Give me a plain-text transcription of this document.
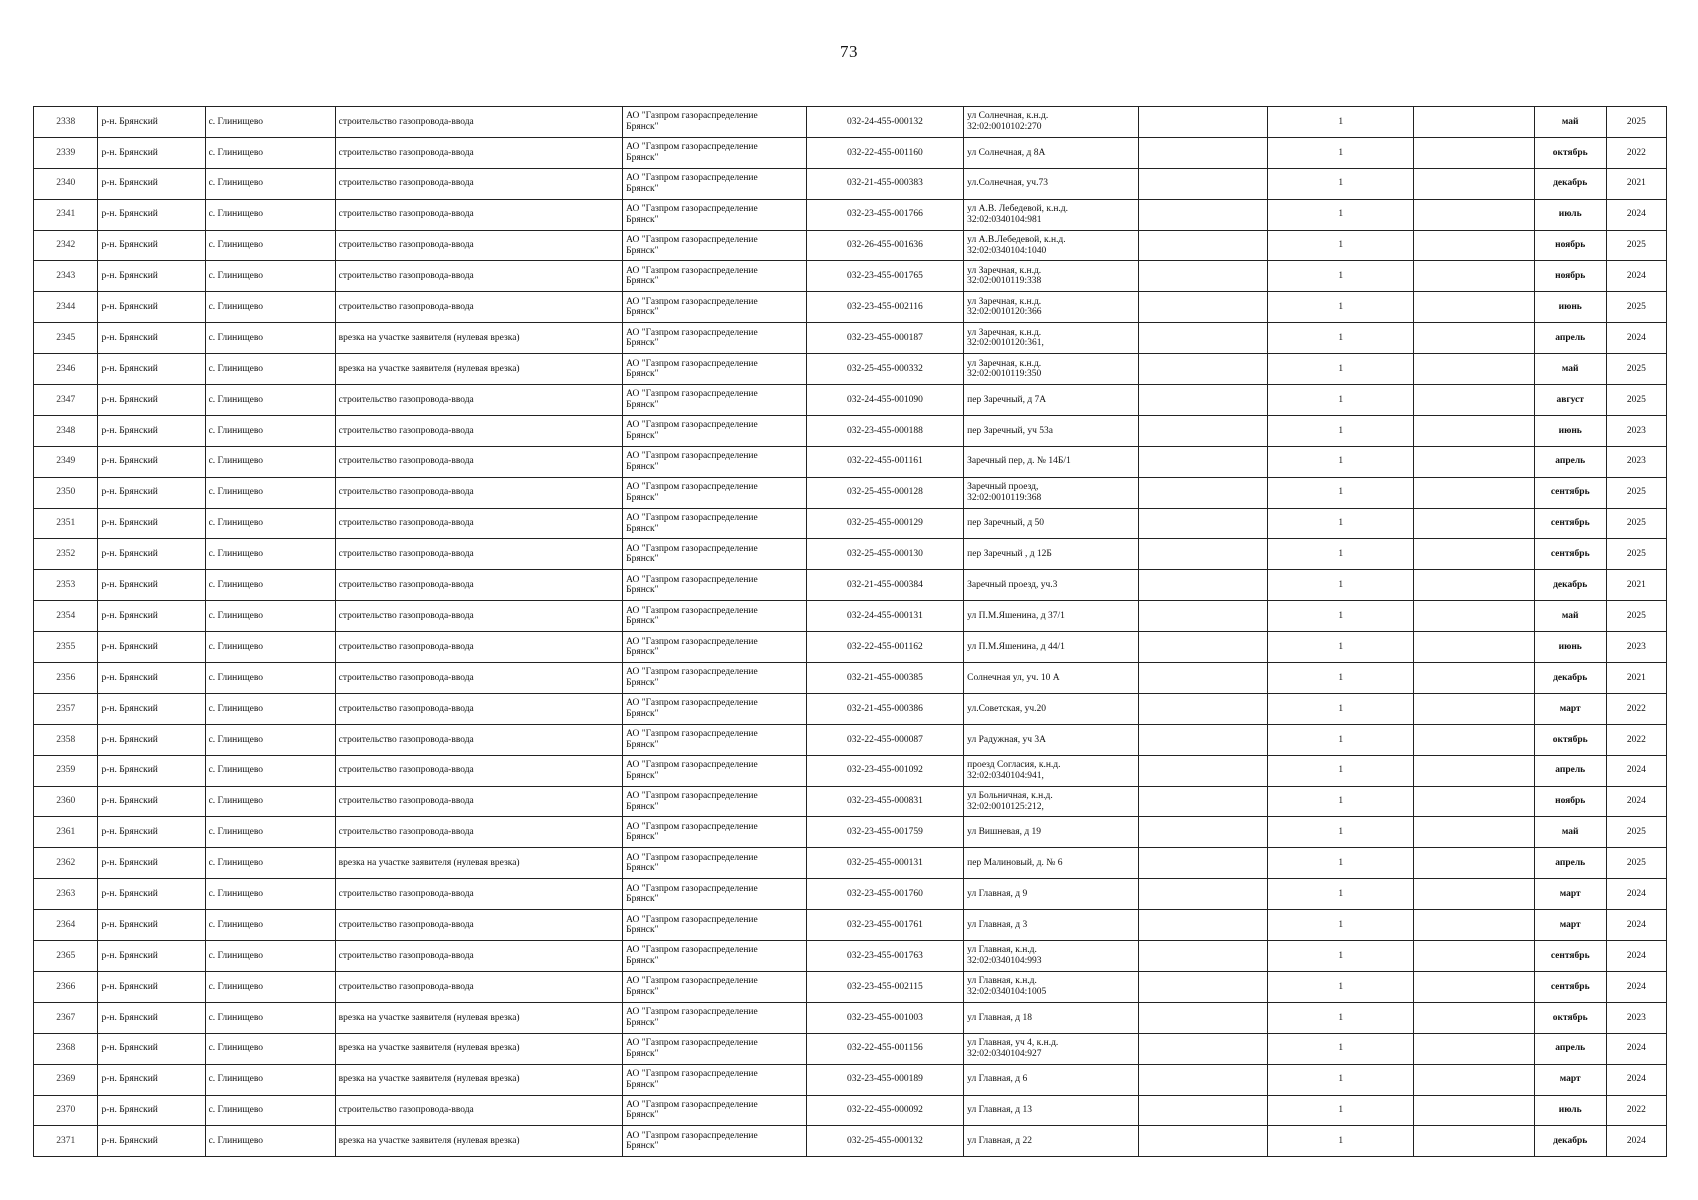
73
2338	р-н. Брянский	с. Глинищево	строительство газопровода-ввода	АО "Газпром газораспределение
Брянск"	032-24-455-000132	ул Солнечная, к.н.д.
32:02:0010102:270		1		май	2025
2339	р-н. Брянский	с. Глинищево	строительство газопровода-ввода	АО "Газпром газораспределение
Брянск"	032-22-455-001160	ул Солнечная, д 8А		1		октябрь	2022
2340	р-н. Брянский	с. Глинищево	строительство газопровода-ввода	АО "Газпром газораспределение
Брянск"	032-21-455-000383	ул.Солнечная, уч.73		1		декабрь	2021
2341	р-н. Брянский	с. Глинищево	строительство газопровода-ввода	АО "Газпром газораспределение
Брянск"	032-23-455-001766	ул А.В. Лебедевой, к.н.д.
32:02:0340104:981		1		июль	2024
2342	р-н. Брянский	с. Глинищево	строительство газопровода-ввода	АО "Газпром газораспределение
Брянск"	032-26-455-001636	ул А.В.Лебедевой, к.н.д.
32:02:0340104:1040		1		ноябрь	2025
2343	р-н. Брянский	с. Глинищево	строительство газопровода-ввода	АО "Газпром газораспределение
Брянск"	032-23-455-001765	ул Заречная, к.н.д.
32:02:0010119:338		1		ноябрь	2024
2344	р-н. Брянский	с. Глинищево	строительство газопровода-ввода	АО "Газпром газораспределение
Брянск"	032-23-455-002116	ул Заречная, к.н.д.
32:02:0010120:366		1		июнь	2025
2345	р-н. Брянский	с. Глинищево	врезка на участке заявителя (нулевая врезка)	АО "Газпром газораспределение
Брянск"	032-23-455-000187	ул Заречная, к.н.д.
32:02:0010120:361,		1		апрель	2024
2346	р-н. Брянский	с. Глинищево	врезка на участке заявителя (нулевая врезка)	АО "Газпром газораспределение
Брянск"	032-25-455-000332	ул Заречная, к.н.д.
32:02:0010119:350		1		май	2025
2347	р-н. Брянский	с. Глинищево	строительство газопровода-ввода	АО "Газпром газораспределение
Брянск"	032-24-455-001090	пер Заречный, д 7А		1		август	2025
2348	р-н. Брянский	с. Глинищево	строительство газопровода-ввода	АО "Газпром газораспределение
Брянск"	032-23-455-000188	пер Заречный, уч 53а		1		июнь	2023
2349	р-н. Брянский	с. Глинищево	строительство газопровода-ввода	АО "Газпром газораспределение
Брянск"	032-22-455-001161	Заречный пер, д. № 14Б/1		1		апрель	2023
2350	р-н. Брянский	с. Глинищево	строительство газопровода-ввода	АО "Газпром газораспределение
Брянск"	032-25-455-000128	Заречный проезд,
32:02:0010119:368		1		сентябрь	2025
2351	р-н. Брянский	с. Глинищево	строительство газопровода-ввода	АО "Газпром газораспределение
Брянск"	032-25-455-000129	пер Заречный, д 50		1		сентябрь	2025
2352	р-н. Брянский	с. Глинищево	строительство газопровода-ввода	АО "Газпром газораспределение
Брянск"	032-25-455-000130	пер Заречный , д 12Б		1		сентябрь	2025
2353	р-н. Брянский	с. Глинищево	строительство газопровода-ввода	АО "Газпром газораспределение
Брянск"	032-21-455-000384	Заречный проезд, уч.3		1		декабрь	2021
2354	р-н. Брянский	с. Глинищево	строительство газопровода-ввода	АО "Газпром газораспределение
Брянск"	032-24-455-000131	ул П.М.Яшенина, д 37/1		1		май	2025
2355	р-н. Брянский	с. Глинищево	строительство газопровода-ввода	АО "Газпром газораспределение
Брянск"	032-22-455-001162	ул П.М.Яшенина, д 44/1		1		июнь	2023
2356	р-н. Брянский	с. Глинищево	строительство газопровода-ввода	АО "Газпром газораспределение
Брянск"	032-21-455-000385	Солнечная ул, уч. 10 А		1		декабрь	2021
2357	р-н. Брянский	с. Глинищево	строительство газопровода-ввода	АО "Газпром газораспределение
Брянск"	032-21-455-000386	ул.Советская, уч.20		1		март	2022
2358	р-н. Брянский	с. Глинищево	строительство газопровода-ввода	АО "Газпром газораспределение
Брянск"	032-22-455-000087	ул Радужная, уч 3А		1		октябрь	2022
2359	р-н. Брянский	с. Глинищево	строительство газопровода-ввода	АО "Газпром газораспределение
Брянск"	032-23-455-001092	проезд Согласия, к.н.д.
32:02:0340104:941,		1		апрель	2024
2360	р-н. Брянский	с. Глинищево	строительство газопровода-ввода	АО "Газпром газораспределение
Брянск"	032-23-455-000831	ул Больничная, к.н.д.
32:02:0010125:212,		1		ноябрь	2024
2361	р-н. Брянский	с. Глинищево	строительство газопровода-ввода	АО "Газпром газораспределение
Брянск"	032-23-455-001759	ул Вишневая, д 19		1		май	2025
2362	р-н. Брянский	с. Глинищево	врезка на участке заявителя (нулевая врезка)	АО "Газпром газораспределение
Брянск"	032-25-455-000131	пер Малиновый, д. № 6		1		апрель	2025
2363	р-н. Брянский	с. Глинищево	строительство газопровода-ввода	АО "Газпром газораспределение
Брянск"	032-23-455-001760	ул Главная, д 9		1		март	2024
2364	р-н. Брянский	с. Глинищево	строительство газопровода-ввода	АО "Газпром газораспределение
Брянск"	032-23-455-001761	ул Главная, д 3		1		март	2024
2365	р-н. Брянский	с. Глинищево	строительство газопровода-ввода	АО "Газпром газораспределение
Брянск"	032-23-455-001763	ул Главная, к.н.д.
32:02:0340104:993		1		сентябрь	2024
2366	р-н. Брянский	с. Глинищево	строительство газопровода-ввода	АО "Газпром газораспределение
Брянск"	032-23-455-002115	ул Главная, к.н.д.
32:02:0340104:1005		1		сентябрь	2024
2367	р-н. Брянский	с. Глинищево	врезка на участке заявителя (нулевая врезка)	АО "Газпром газораспределение
Брянск"	032-23-455-001003	ул Главная, д 18		1		октябрь	2023
2368	р-н. Брянский	с. Глинищево	врезка на участке заявителя (нулевая врезка)	АО "Газпром газораспределение
Брянск"	032-22-455-001156	ул Главная, уч 4, к.н.д.
32:02:0340104:927		1		апрель	2024
2369	р-н. Брянский	с. Глинищево	врезка на участке заявителя (нулевая врезка)	АО "Газпром газораспределение
Брянск"	032-23-455-000189	ул Главная, д 6		1		март	2024
2370	р-н. Брянский	с. Глинищево	строительство газопровода-ввода	АО "Газпром газораспределение
Брянск"	032-22-455-000092	ул Главная, д 13		1		июль	2022
2371	р-н. Брянский	с. Глинищево	врезка на участке заявителя (нулевая врезка)	АО "Газпром газораспределение
Брянск"	032-25-455-000132	ул Главная, д 22		1		декабрь	2024
